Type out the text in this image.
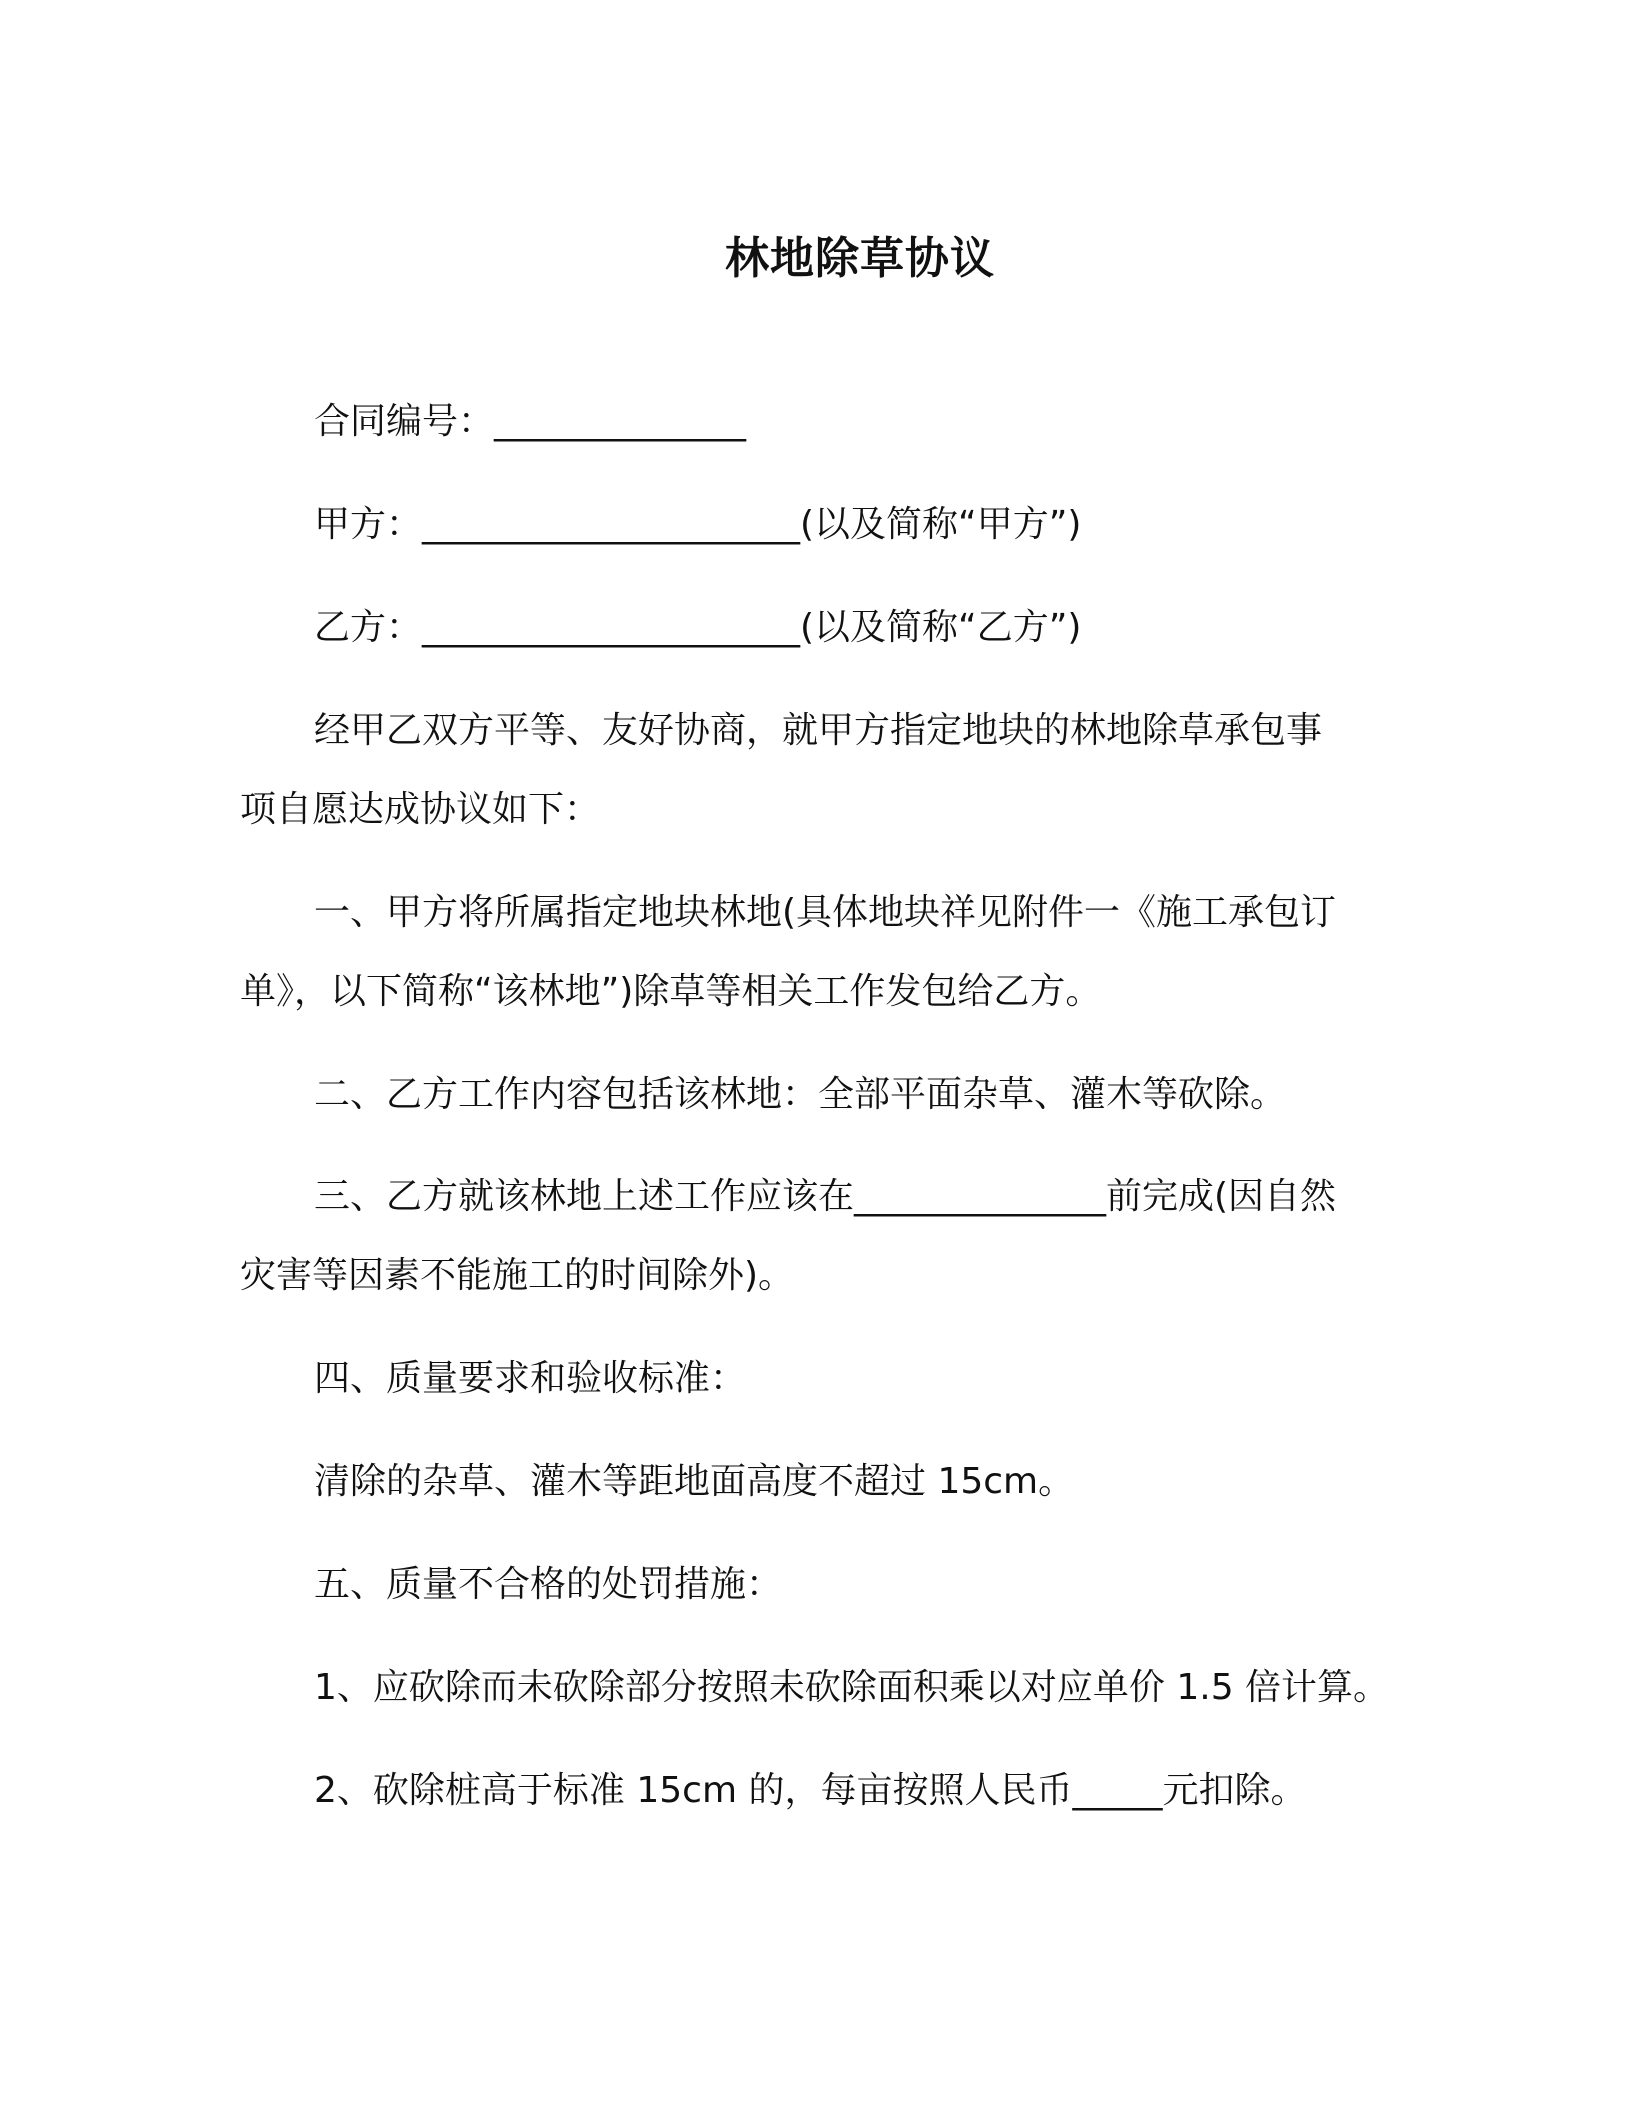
林地除草协议
合同编号：______________
甲方：_____________________(以及简称“甲方”)
乙方：_____________________(以及简称“乙方”)
经甲乙双方平等、友好协商，就甲方指定地块的林地除草承包事
项自愿达成协议如下：
一、甲方将所属指定地块林地(具体地块祥见附件一《施工承包订
单》，以下简称“该林地”)除草等相关工作发包给乙方。
二、乙方工作内容包括该林地：全部平面杂草、灌木等砍除。
三、乙方就该林地上述工作应该在______________前完成(因自然
灾害等因素不能施工的时间除外)。
四、质量要求和验收标准：
清除的杂草、灌木等距地面高度不超过 15cm。
五、质量不合格的处罚措施：
1、应砍除而未砍除部分按照未砍除面积乘以对应单价 1.5 倍计算。
2、砍除桩高于标准 15cm 的，每亩按照人民币_____元扣除。
